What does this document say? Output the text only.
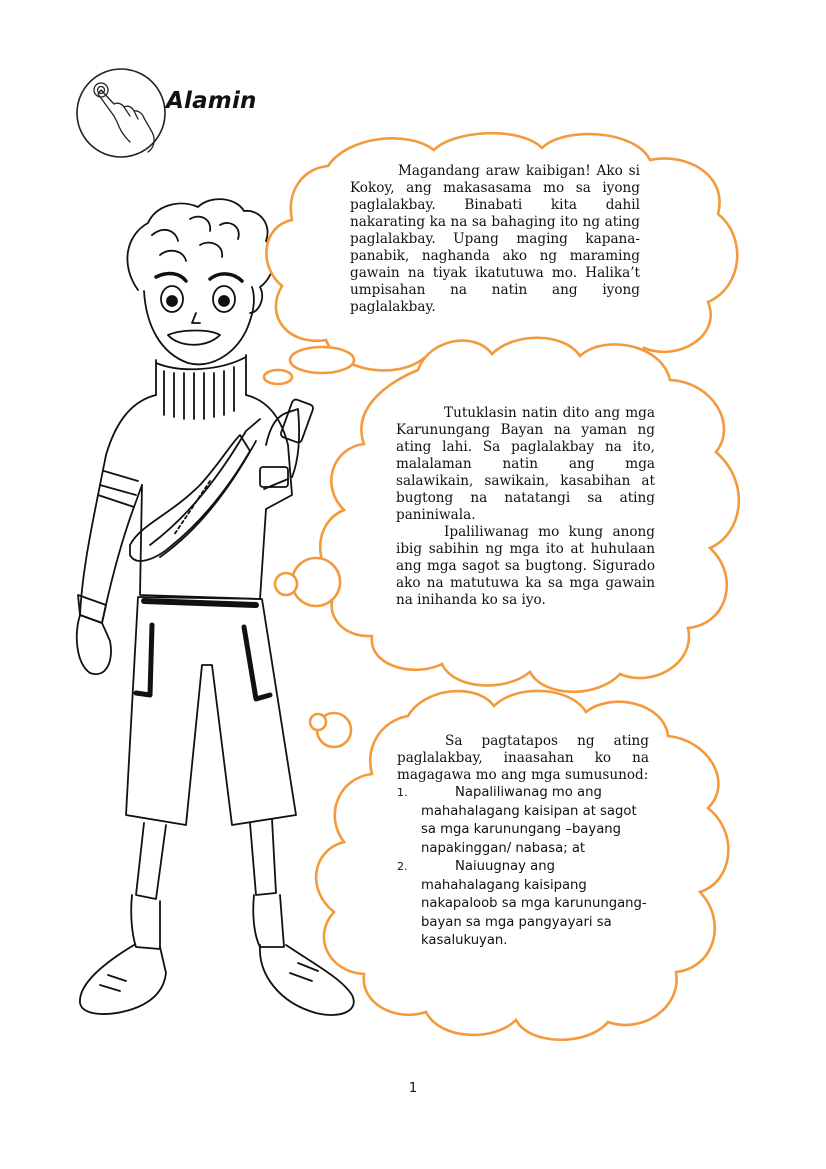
Alamin

Magandang araw kaibigan! Ako si Kokoy, ang makasasama mo sa iyong paglalakbay. Binabati kita dahil nakarating ka na sa bahaging ito ng ating paglalakbay. Upang maging kapana-panabik, naghanda ako ng maraming gawain na tiyak ikatutuwa mo. Halika’t umpisahan na natin ang iyong paglalakbay.

Tutuklasin natin dito ang mga Karunungang Bayan na yaman ng ating lahi. Sa paglalakbay na ito, malalaman natin ang mga salawikain, sawikain, kasabihan at bugtong na natatangi sa ating paniniwala.

Ipaliliwanag mo kung anong ibig sabihin ng mga ito at huhulaan ang mga sagot sa bugtong. Sigurado ako na matutuwa ka sa mga gawain na inihanda ko sa iyo.

Sa pagtatapos ng ating paglalakbay, inaasahan ko na magagawa mo ang mga sumusunod:

1.	Napaliliwanag mo ang mahahalagang kaisipan at sagot sa mga karunungang –bayang napakinggan/ nabasa; at
2.	Naiuugnay ang mahahalagang kaisipang nakapaloob sa mga karunungang-bayan sa mga pangyayari sa kasalukuyan.
1
